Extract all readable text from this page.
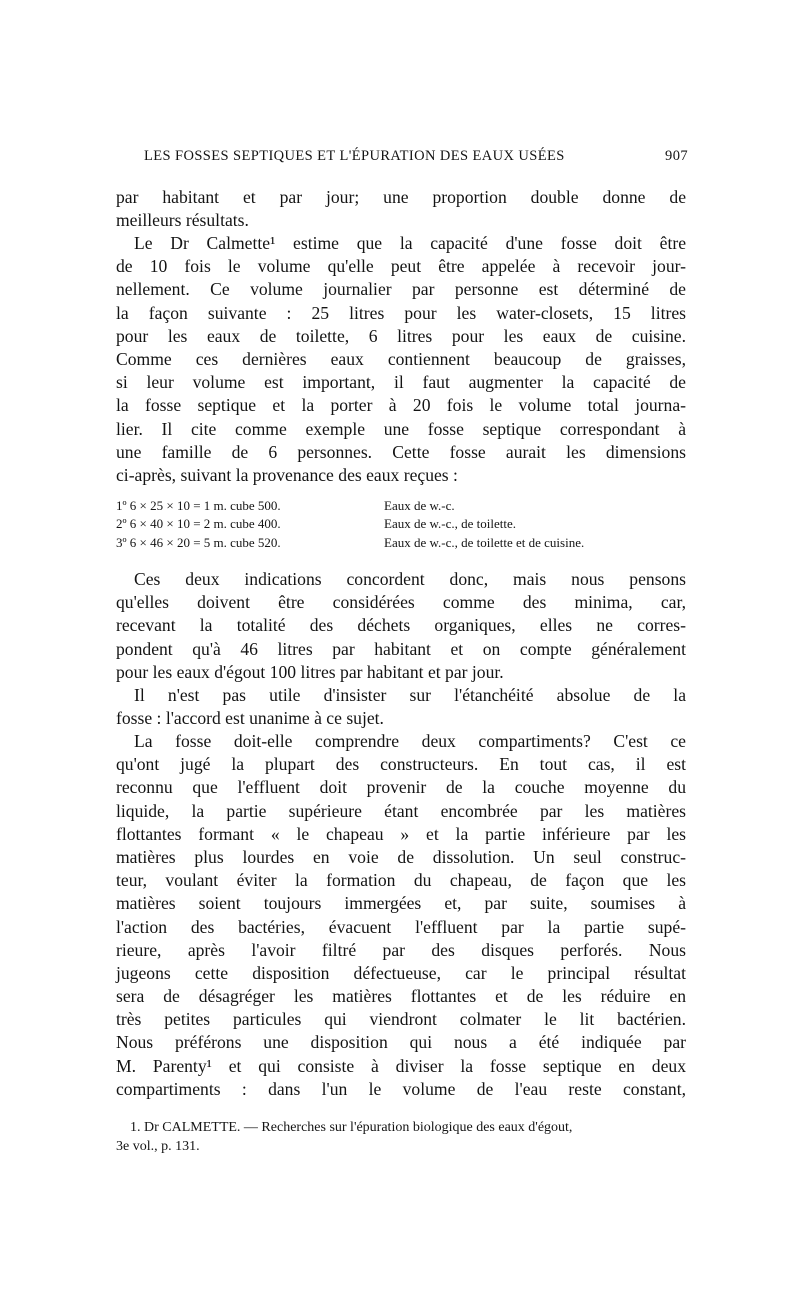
LES FOSSES SEPTIQUES ET L'ÉPURATION DES EAUX USÉES	907
par habitant et par jour; une proportion double donne de
meilleurs résultats.
Le Dr Calmette¹ estime que la capacité d'une fosse doit être
de 10 fois le volume qu'elle peut être appelée à recevoir jour-
nellement. Ce volume journalier par personne est déterminé de
la façon suivante : 25 litres pour les water-closets, 15 litres
pour les eaux de toilette, 6 litres pour les eaux de cuisine.
Comme ces dernières eaux contiennent beaucoup de graisses,
si leur volume est important, il faut augmenter la capacité de
la fosse septique et la porter à 20 fois le volume total journa-
lier. Il cite comme exemple une fosse septique correspondant à
une famille de 6 personnes. Cette fosse aurait les dimensions
ci-après, suivant la provenance des eaux reçues :
1º 6 × 25 × 10 = 1 m. cube 500.	Eaux de w.-c.
2º 6 × 40 × 10 = 2 m. cube 400.	Eaux de w.-c., de toilette.
3º 6 × 46 × 20 = 5 m. cube 520.	Eaux de w.-c., de toilette et de cuisine.
Ces deux indications concordent donc, mais nous pensons
qu'elles doivent être considérées comme des minima, car,
recevant la totalité des déchets organiques, elles ne corres-
pondent qu'à 46 litres par habitant et on compte généralement
pour les eaux d'égout 100 litres par habitant et par jour.
Il n'est pas utile d'insister sur l'étanchéité absolue de la
fosse : l'accord est unanime à ce sujet.
La fosse doit-elle comprendre deux compartiments? C'est ce
qu'ont jugé la plupart des constructeurs. En tout cas, il est
reconnu que l'effluent doit provenir de la couche moyenne du
liquide, la partie supérieure étant encombrée par les matières
flottantes formant « le chapeau » et la partie inférieure par les
matières plus lourdes en voie de dissolution. Un seul construc-
teur, voulant éviter la formation du chapeau, de façon que les
matières soient toujours immergées et, par suite, soumises à
l'action des bactéries, évacuent l'effluent par la partie supé-
rieure, après l'avoir filtré par des disques perforés. Nous
jugeons cette disposition défectueuse, car le principal résultat
sera de désagréger les matières flottantes et de les réduire en
très petites particules qui viendront colmater le lit bactérien.
Nous préférons une disposition qui nous a été indiquée par
M. Parenty¹ et qui consiste à diviser la fosse septique en deux
compartiments : dans l'un le volume de l'eau reste constant,
1. Dr CALMETTE. — Recherches sur l'épuration biologique des eaux d'égout,
3e vol., p. 131.
